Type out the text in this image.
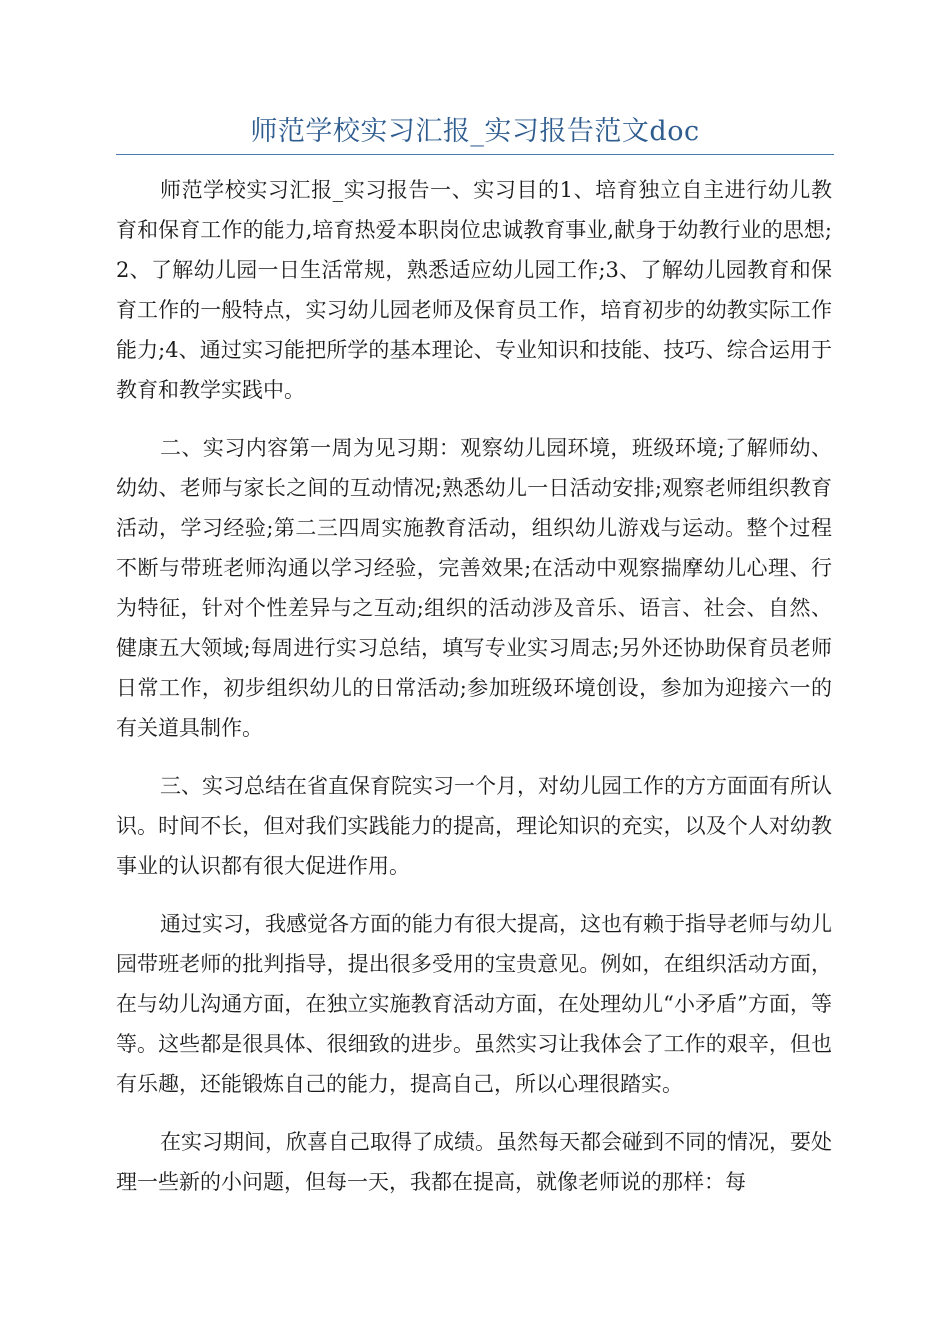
师范学校实习汇报_实习报告范文doc

师范学校实习汇报_实习报告一、实习目的1、培育独立自主进行幼儿教育和保育工作的能力,培育热爱本职岗位忠诚教育事业,献身于幼教行业的思想;2、了解幼儿园一日生活常规，熟悉适应幼儿园工作;3、了解幼儿园教育和保育工作的一般特点，实习幼儿园老师及保育员工作，培育初步的幼教实际工作能力;4、通过实习能把所学的基本理论、专业知识和技能、技巧、综合运用于教育和教学实践中。

二、实习内容第一周为见习期：观察幼儿园环境，班级环境;了解师幼、幼幼、老师与家长之间的互动情况;熟悉幼儿一日活动安排;观察老师组织教育活动，学习经验;第二三四周实施教育活动，组织幼儿游戏与运动。整个过程不断与带班老师沟通以学习经验，完善效果;在活动中观察揣摩幼儿心理、行为特征，针对个性差异与之互动;组织的活动涉及音乐、语言、社会、自然、健康五大领域;每周进行实习总结，填写专业实习周志;另外还协助保育员老师日常工作，初步组织幼儿的日常活动;参加班级环境创设，参加为迎接六一的有关道具制作。

三、实习总结在省直保育院实习一个月，对幼儿园工作的方方面面有所认识。时间不长，但对我们实践能力的提高，理论知识的充实，以及个人对幼教事业的认识都有很大促进作用。

通过实习，我感觉各方面的能力有很大提高，这也有赖于指导老师与幼儿园带班老师的批判指导，提出很多受用的宝贵意见。例如，在组织活动方面，在与幼儿沟通方面，在独立实施教育活动方面，在处理幼儿“小矛盾”方面，等等。这些都是很具体、很细致的进步。虽然实习让我体会了工作的艰辛，但也有乐趣，还能锻炼自己的能力，提高自己，所以心理很踏实。

在实习期间，欣喜自己取得了成绩。虽然每天都会碰到不同的情况，要处理一些新的小问题，但每一天，我都在提高，就像老师说的那样：每
